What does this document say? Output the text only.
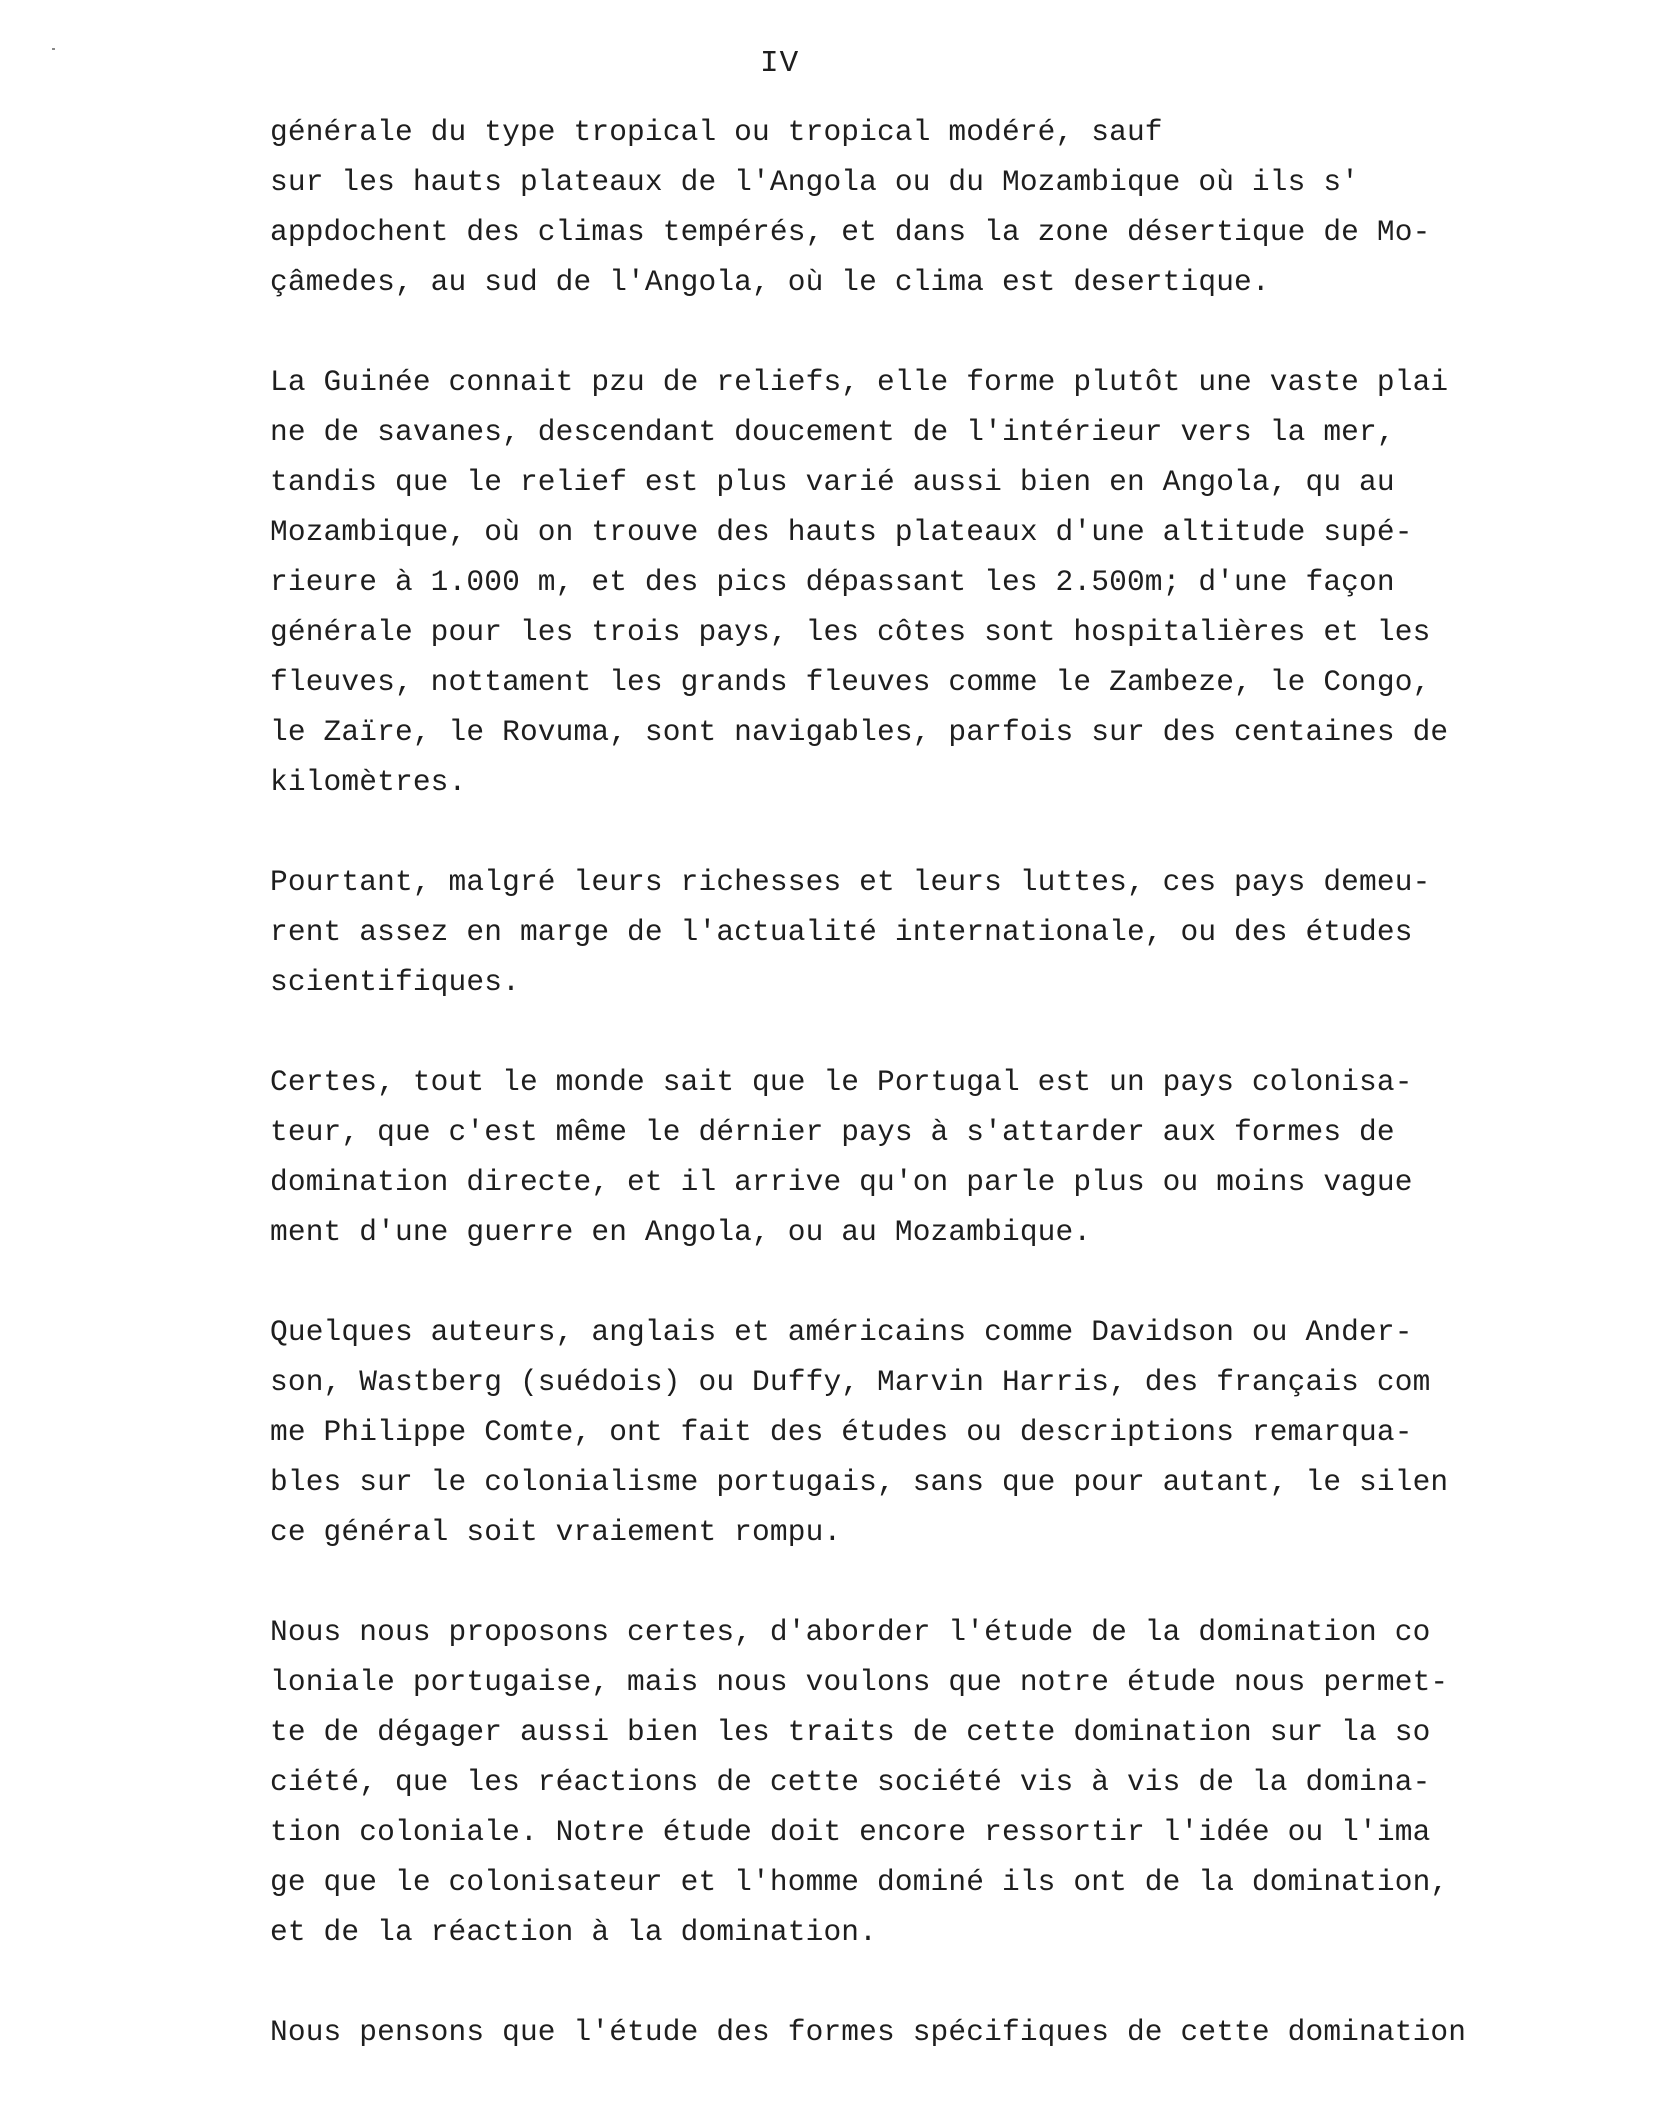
IV
générale du type tropical ou tropical modéré, sauf
sur les hauts plateaux de l'Angola ou du Mozambique où ils s'
appdochent des climas tempérés, et dans la zone désertique de Mo-
çâmedes, au sud de l'Angola, où le clima est desertique.
La Guinée connait pzu de reliefs, elle forme plutôt une vaste plai
ne de savanes, descendant doucement de l'intérieur vers la mer,
tandis que le relief est plus varié aussi bien en Angola, qu au
Mozambique, où on trouve des hauts plateaux d'une altitude supé-
rieure à 1.000 m, et des pics dépassant les 2.500m; d'une façon
générale pour les trois pays, les côtes sont hospitalières et les
fleuves, nottament les grands fleuves comme le Zambeze, le Congo,
le Zaïre, le Rovuma, sont navigables, parfois sur des centaines de
kilomètres.
Pourtant, malgré leurs richesses et leurs luttes, ces pays demeu-
rent assez en marge de l'actualité internationale, ou des études
scientifiques.
Certes, tout le monde sait que le Portugal est un pays colonisa-
teur, que c'est même le dérnier pays à s'attarder aux formes de
domination directe, et il arrive qu'on parle plus ou moins vague
ment d'une guerre en Angola, ou au Mozambique.
Quelques auteurs, anglais et américains comme Davidson ou Ander-
son, Wastberg (suédois) ou Duffy, Marvin Harris, des français com
me Philippe Comte, ont fait des études ou descriptions remarqua-
bles sur le colonialisme portugais, sans que pour autant, le silen
ce général soit vraiement rompu.
Nous nous proposons certes, d'aborder l'étude de la domination co
loniale portugaise, mais nous voulons que notre étude nous permet-
te de dégager aussi bien les traits de cette domination sur la so
ciété, que les réactions de cette société vis à vis de la domina-
tion coloniale. Notre étude doit encore ressortir l'idée ou l'ima
ge que le colonisateur et l'homme dominé ils ont de la domination,
et de la réaction à la domination.
Nous pensons que l'étude des formes spécifiques de cette domination
